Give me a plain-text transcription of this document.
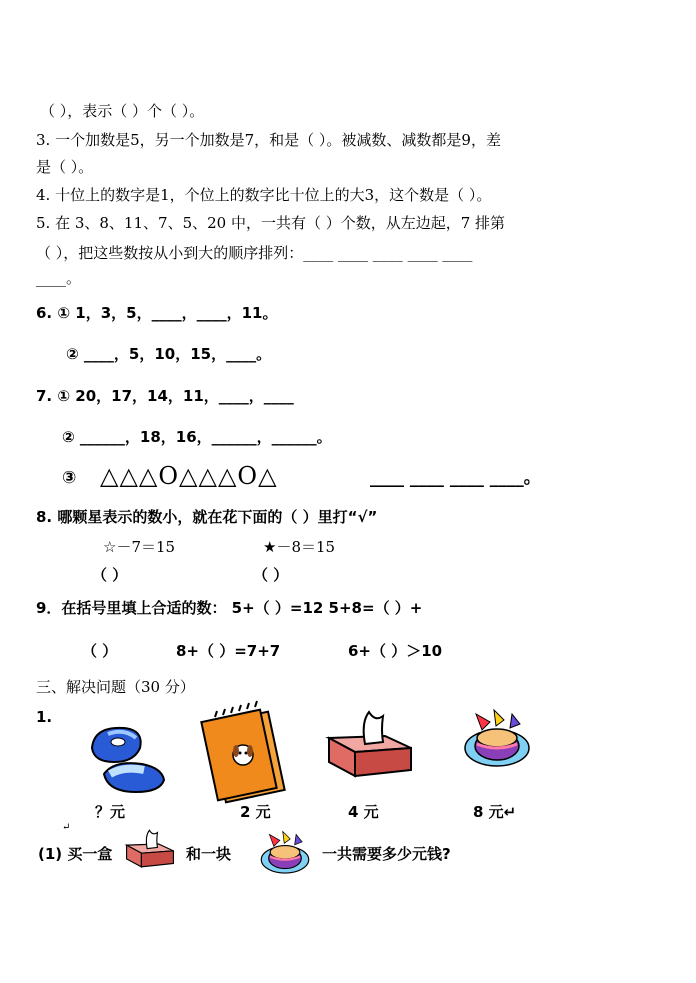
（ ），表示（ ）个（ ）。
3. 一个加数是5，另一个加数是7，和是（ ）。被减数、减数都是9，差
是（ ）。
4. 十位上的数字是1，个位上的数字比十位上的大3，这个数是（ ）。
5. 在 3、8、11、7、5、20 中，一共有（ ）个数，从左边起，7 排第
（ ），把这些数按从小到大的顺序排列：____ ____ ____ ____ ____
____。
6. ① 1，3，5，____，____，11。
② ____，5，10，15，____。
7. ① 20，17，14，11，____，____
② ______，18，16，______，______。
③ △△△O△△△O△	____ ____ ____ ____。
8. 哪颗星表示的数小，就在花下面的（ ）里打“√”
☆－7＝15	★－8＝15
（ ）	（ ）
9．在括号里填上合适的数： 5+（ ）=12 5+8=（ ）+
（ ）	8+（ ）=7+7	6+（ ）＞10
三、解决问题（30 分）
1.
？元	2 元	4 元	8 元↵
↵
(1) 买一盒	和一块	一共需要多少元钱?
